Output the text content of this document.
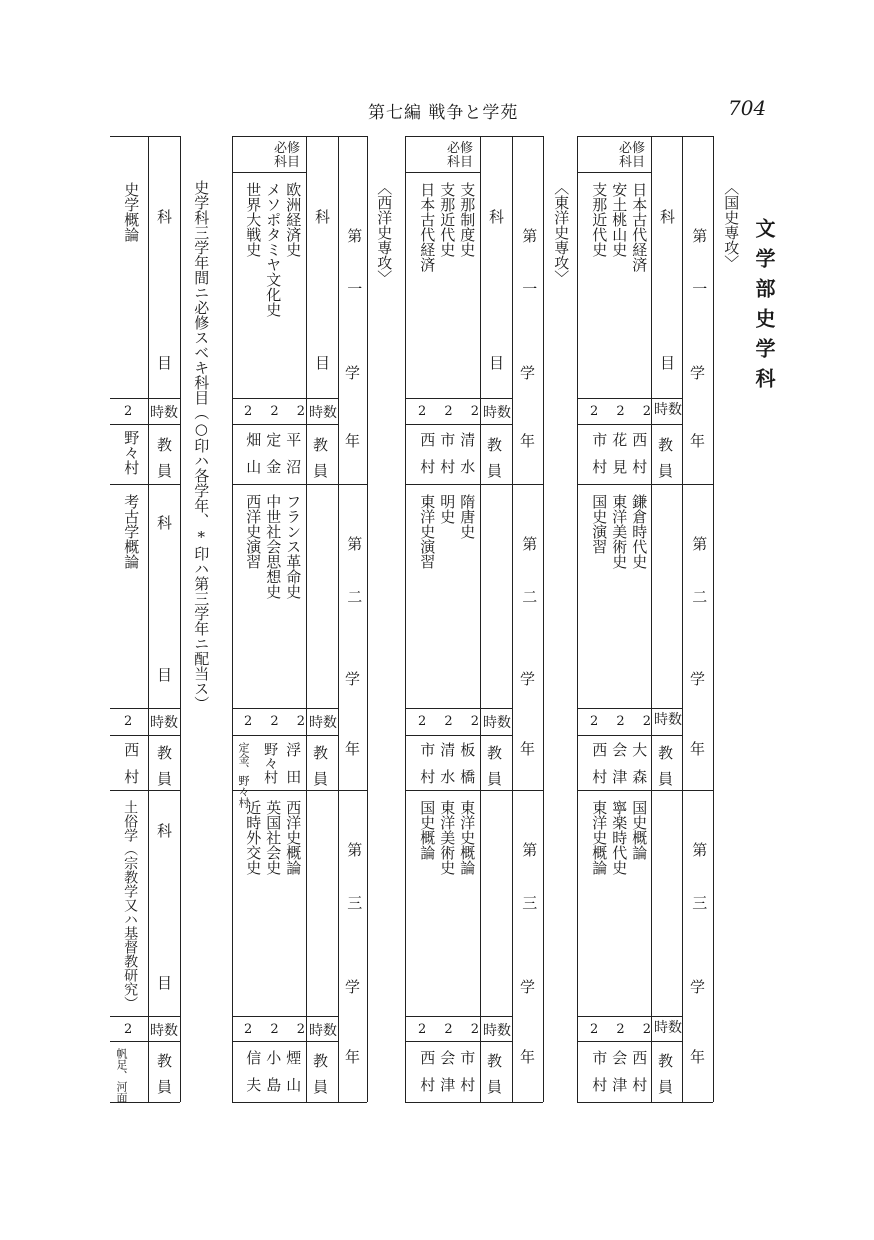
第七編 戦争と学苑	704
文学部史学科
〈国史専攻〉
必修
科目
科
目
時数
時数
時数
教
員
教
員
教
員
第一
学
年
第二
学
年
第三
学
年
日本古代経済
安土桃山史
支那近代史
2 2 2
西村
花見
市村
鎌倉時代史
東洋美術史
国史演習
2 2 2
大森
会津
西村
国史概論
寧楽時代史
東洋史概論
2 2 2
西村
会津
市村
〈東洋史専攻〉
必修
科目
科
目
時数
時数
時数
教
員
教
員
教
員
第一
学
年
第二
学
年
第三
学
年
支那制度史
支那近代史
日本古代経済
2 2 2
清水
市村
西村
隋唐史
明史
東洋史演習
2 2 2
板橋
清水
市村
東洋史概論
東洋美術史
国史概論
2 2 2
市村
会津
西村
〈西洋史専攻〉
必修
科目
科
目
時数
時数
時数
教
員
教
員
教
員
第一
学
年
第二
学
年
第三
学
年
欧洲経済史
メソポタミヤ文化史
世界大戦史
2 2 2
平沼
定金
畑山
フランス革命史
中世社会思想史
西洋史演習
2 2 2
浮田
野々村
定金、野々村
西洋史概論
英国社会史
近時外交史
2 2 2
煙山
小島
信夫
史学科三学年間ニ必修スベキ科目（○印ハ各学年、*印ハ第三学年ニ配当ス）
科
目
科
目
科
目
時数
時数
時数
教
員
教
員
教
員
史学概論
2
野々村
考古学概論
2
西村
土俗学（宗教学又ハ基督教研究）
2
帆足、河面
